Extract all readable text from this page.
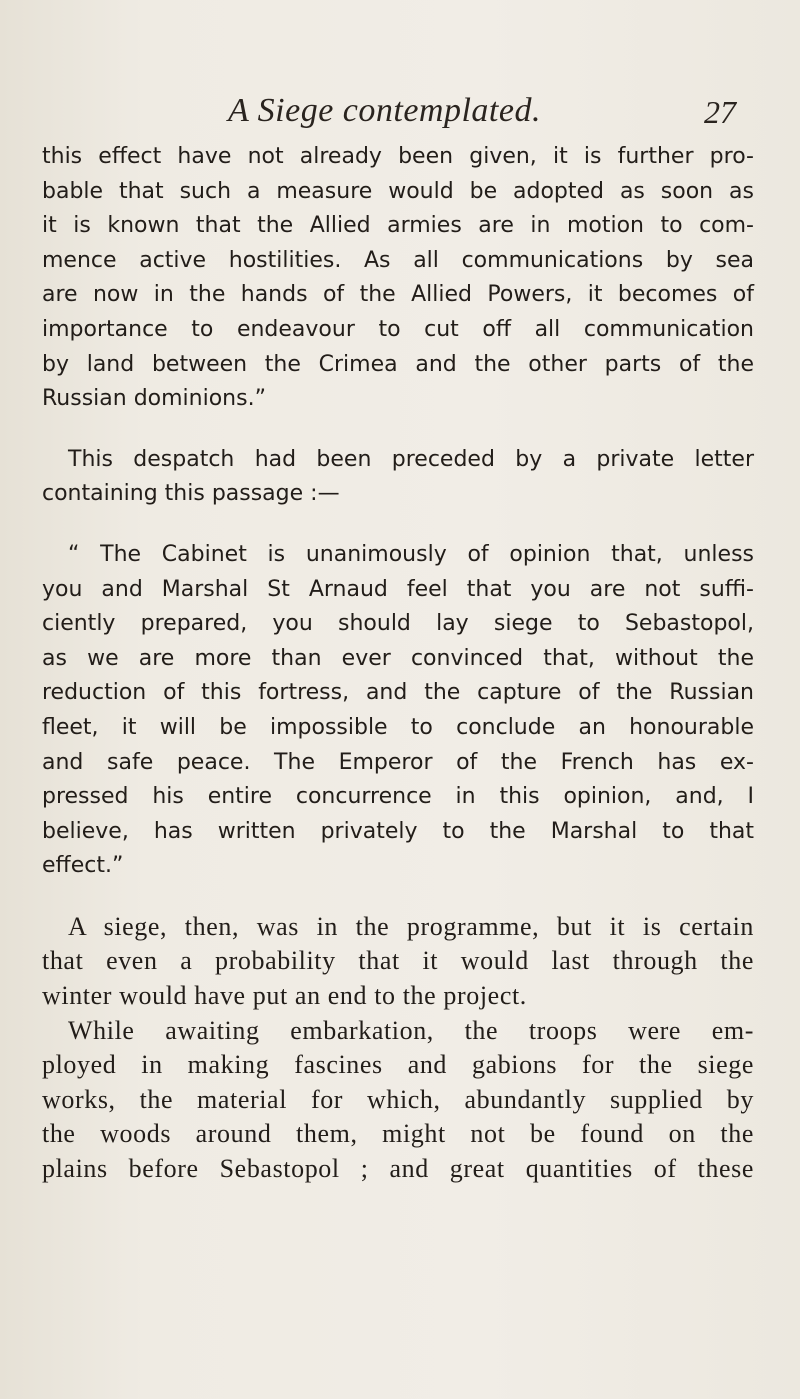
A Siege contemplated.	27
this effect have not already been given, it is further pro-
bable that such a measure would be adopted as soon as
it is known that the Allied armies are in motion to com-
mence active hostilities. As all communications by sea
are now in the hands of the Allied Powers, it becomes of
importance to endeavour to cut off all communication
by land between the Crimea and the other parts of the
Russian dominions.”
This despatch had been preceded by a private letter
containing this passage :—
“ The Cabinet is unanimously of opinion that, unless
you and Marshal St Arnaud feel that you are not suffi-
ciently prepared, you should lay siege to Sebastopol,
as we are more than ever convinced that, without the
reduction of this fortress, and the capture of the Russian
fleet, it will be impossible to conclude an honourable
and safe peace. The Emperor of the French has ex-
pressed his entire concurrence in this opinion, and, I
believe, has written privately to the Marshal to that
effect.”
A siege, then, was in the programme, but it is certain
that even a probability that it would last through the
winter would have put an end to the project.
While awaiting embarkation, the troops were em-
ployed in making fascines and gabions for the siege
works, the material for which, abundantly supplied by
the woods around them, might not be found on the
plains before Sebastopol ; and great quantities of these
